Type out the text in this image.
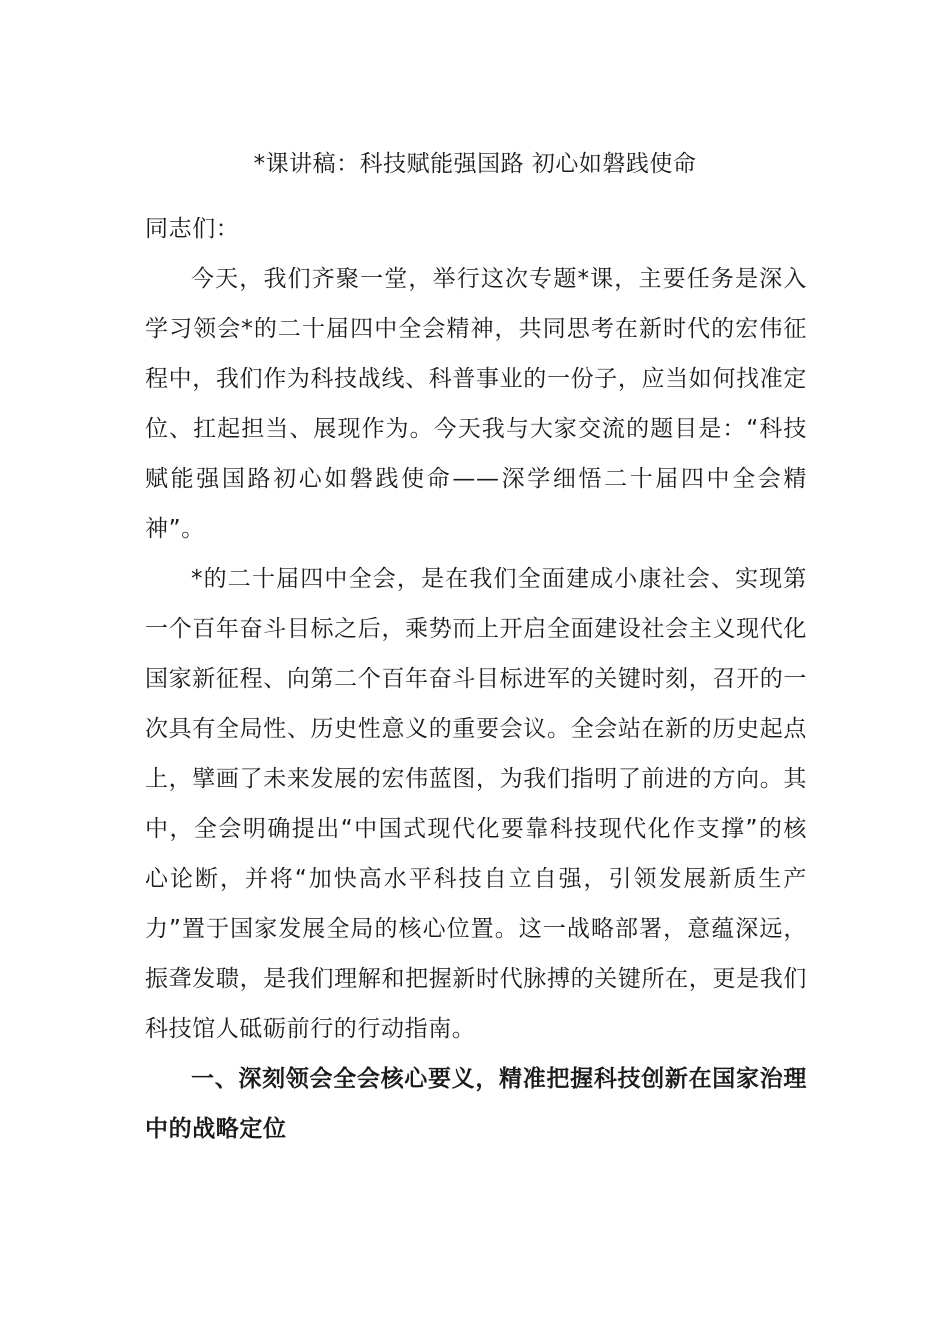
*课讲稿：科技赋能强国路 初心如磐践使命

同志们：

今天，我们齐聚一堂，举行这次专题*课，主要任务是深入学习领会*的二十届四中全会精神，共同思考在新时代的宏伟征程中，我们作为科技战线、科普事业的一份子，应当如何找准定位、扛起担当、展现作为。今天我与大家交流的题目是：“科技赋能强国路初心如磐践使命——深学细悟二十届四中全会精神”。

*的二十届四中全会，是在我们全面建成小康社会、实现第一个百年奋斗目标之后，乘势而上开启全面建设社会主义现代化国家新征程、向第二个百年奋斗目标进军的关键时刻，召开的一次具有全局性、历史性意义的重要会议。全会站在新的历史起点上，擘画了未来发展的宏伟蓝图，为我们指明了前进的方向。其中，全会明确提出“中国式现代化要靠科技现代化作支撑”的核心论断，并将“加快高水平科技自立自强，引领发展新质生产力”置于国家发展全局的核心位置。这一战略部署，意蕴深远，振聋发聩，是我们理解和把握新时代脉搏的关键所在，更是我们科技馆人砥砺前行的行动指南。

一、深刻领会全会核心要义，精准把握科技创新在国家治理中的战略定位
